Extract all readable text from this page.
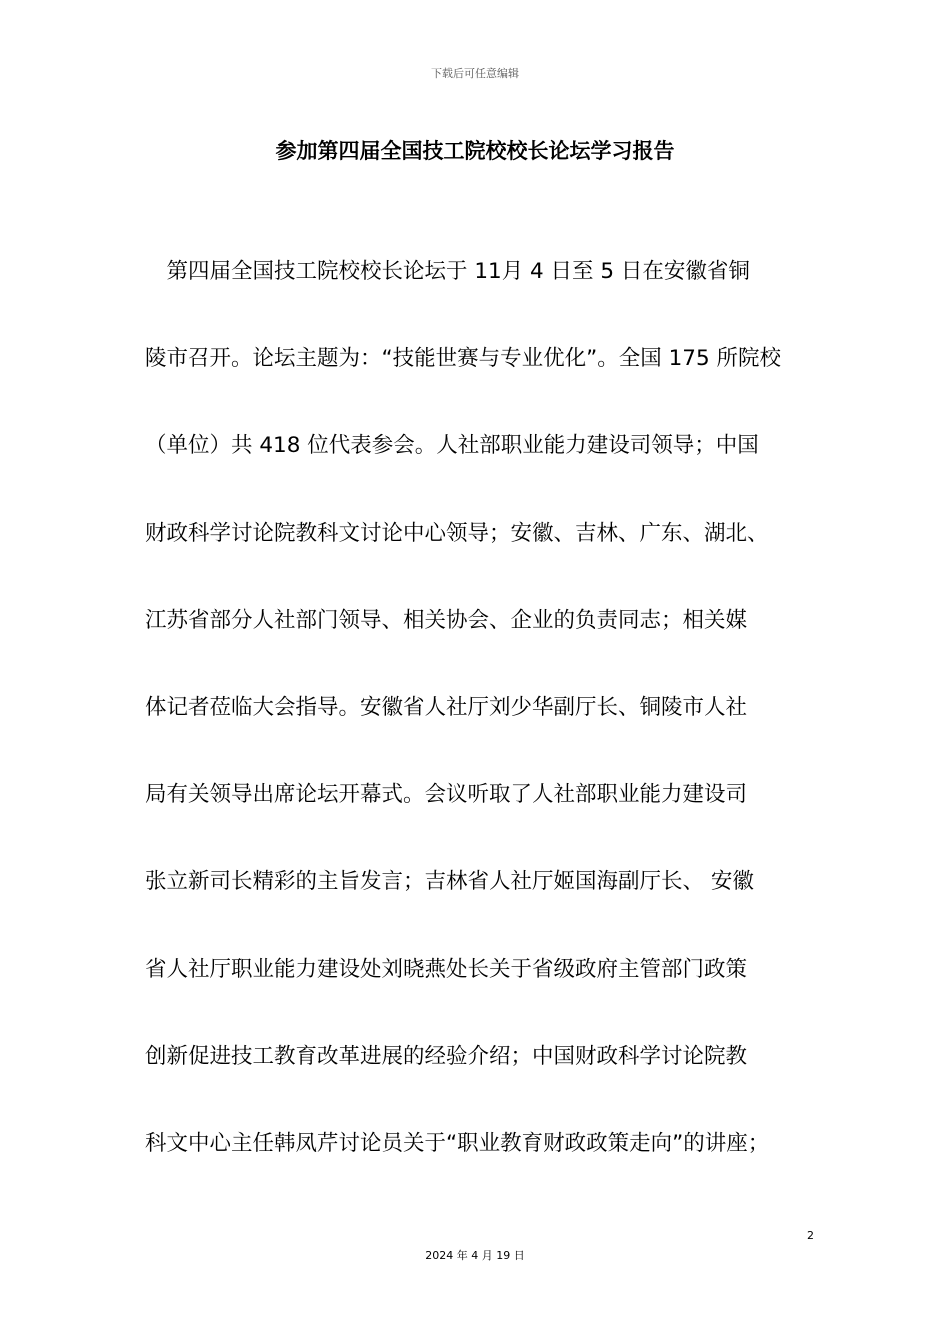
下载后可任意编辑
参加第四届全国技工院校校长论坛学习报告
　第四届全国技工院校校长论坛于 11月 4 日至 5 日在安徽省铜
陵市召开。论坛主题为：“技能世赛与专业优化”。全国 175 所院校
（单位）共 418 位代表参会。人社部职业能力建设司领导；中国
财政科学讨论院教科文讨论中心领导；安徽、吉林、广东、湖北、
江苏省部分人社部门领导、相关协会、企业的负责同志；相关媒
体记者莅临大会指导。安徽省人社厅刘少华副厅长、铜陵市人社
局有关领导出席论坛开幕式。会议听取了人社部职业能力建设司
张立新司长精彩的主旨发言；吉林省人社厅姬国海副厅长、 安徽
省人社厅职业能力建设处刘晓燕处长关于省级政府主管部门政策
创新促进技工教育改革进展的经验介绍；中国财政科学讨论院教
科文中心主任韩凤芹讨论员关于“职业教育财政政策走向”的讲座；
2
2024 年 4 月 19 日
